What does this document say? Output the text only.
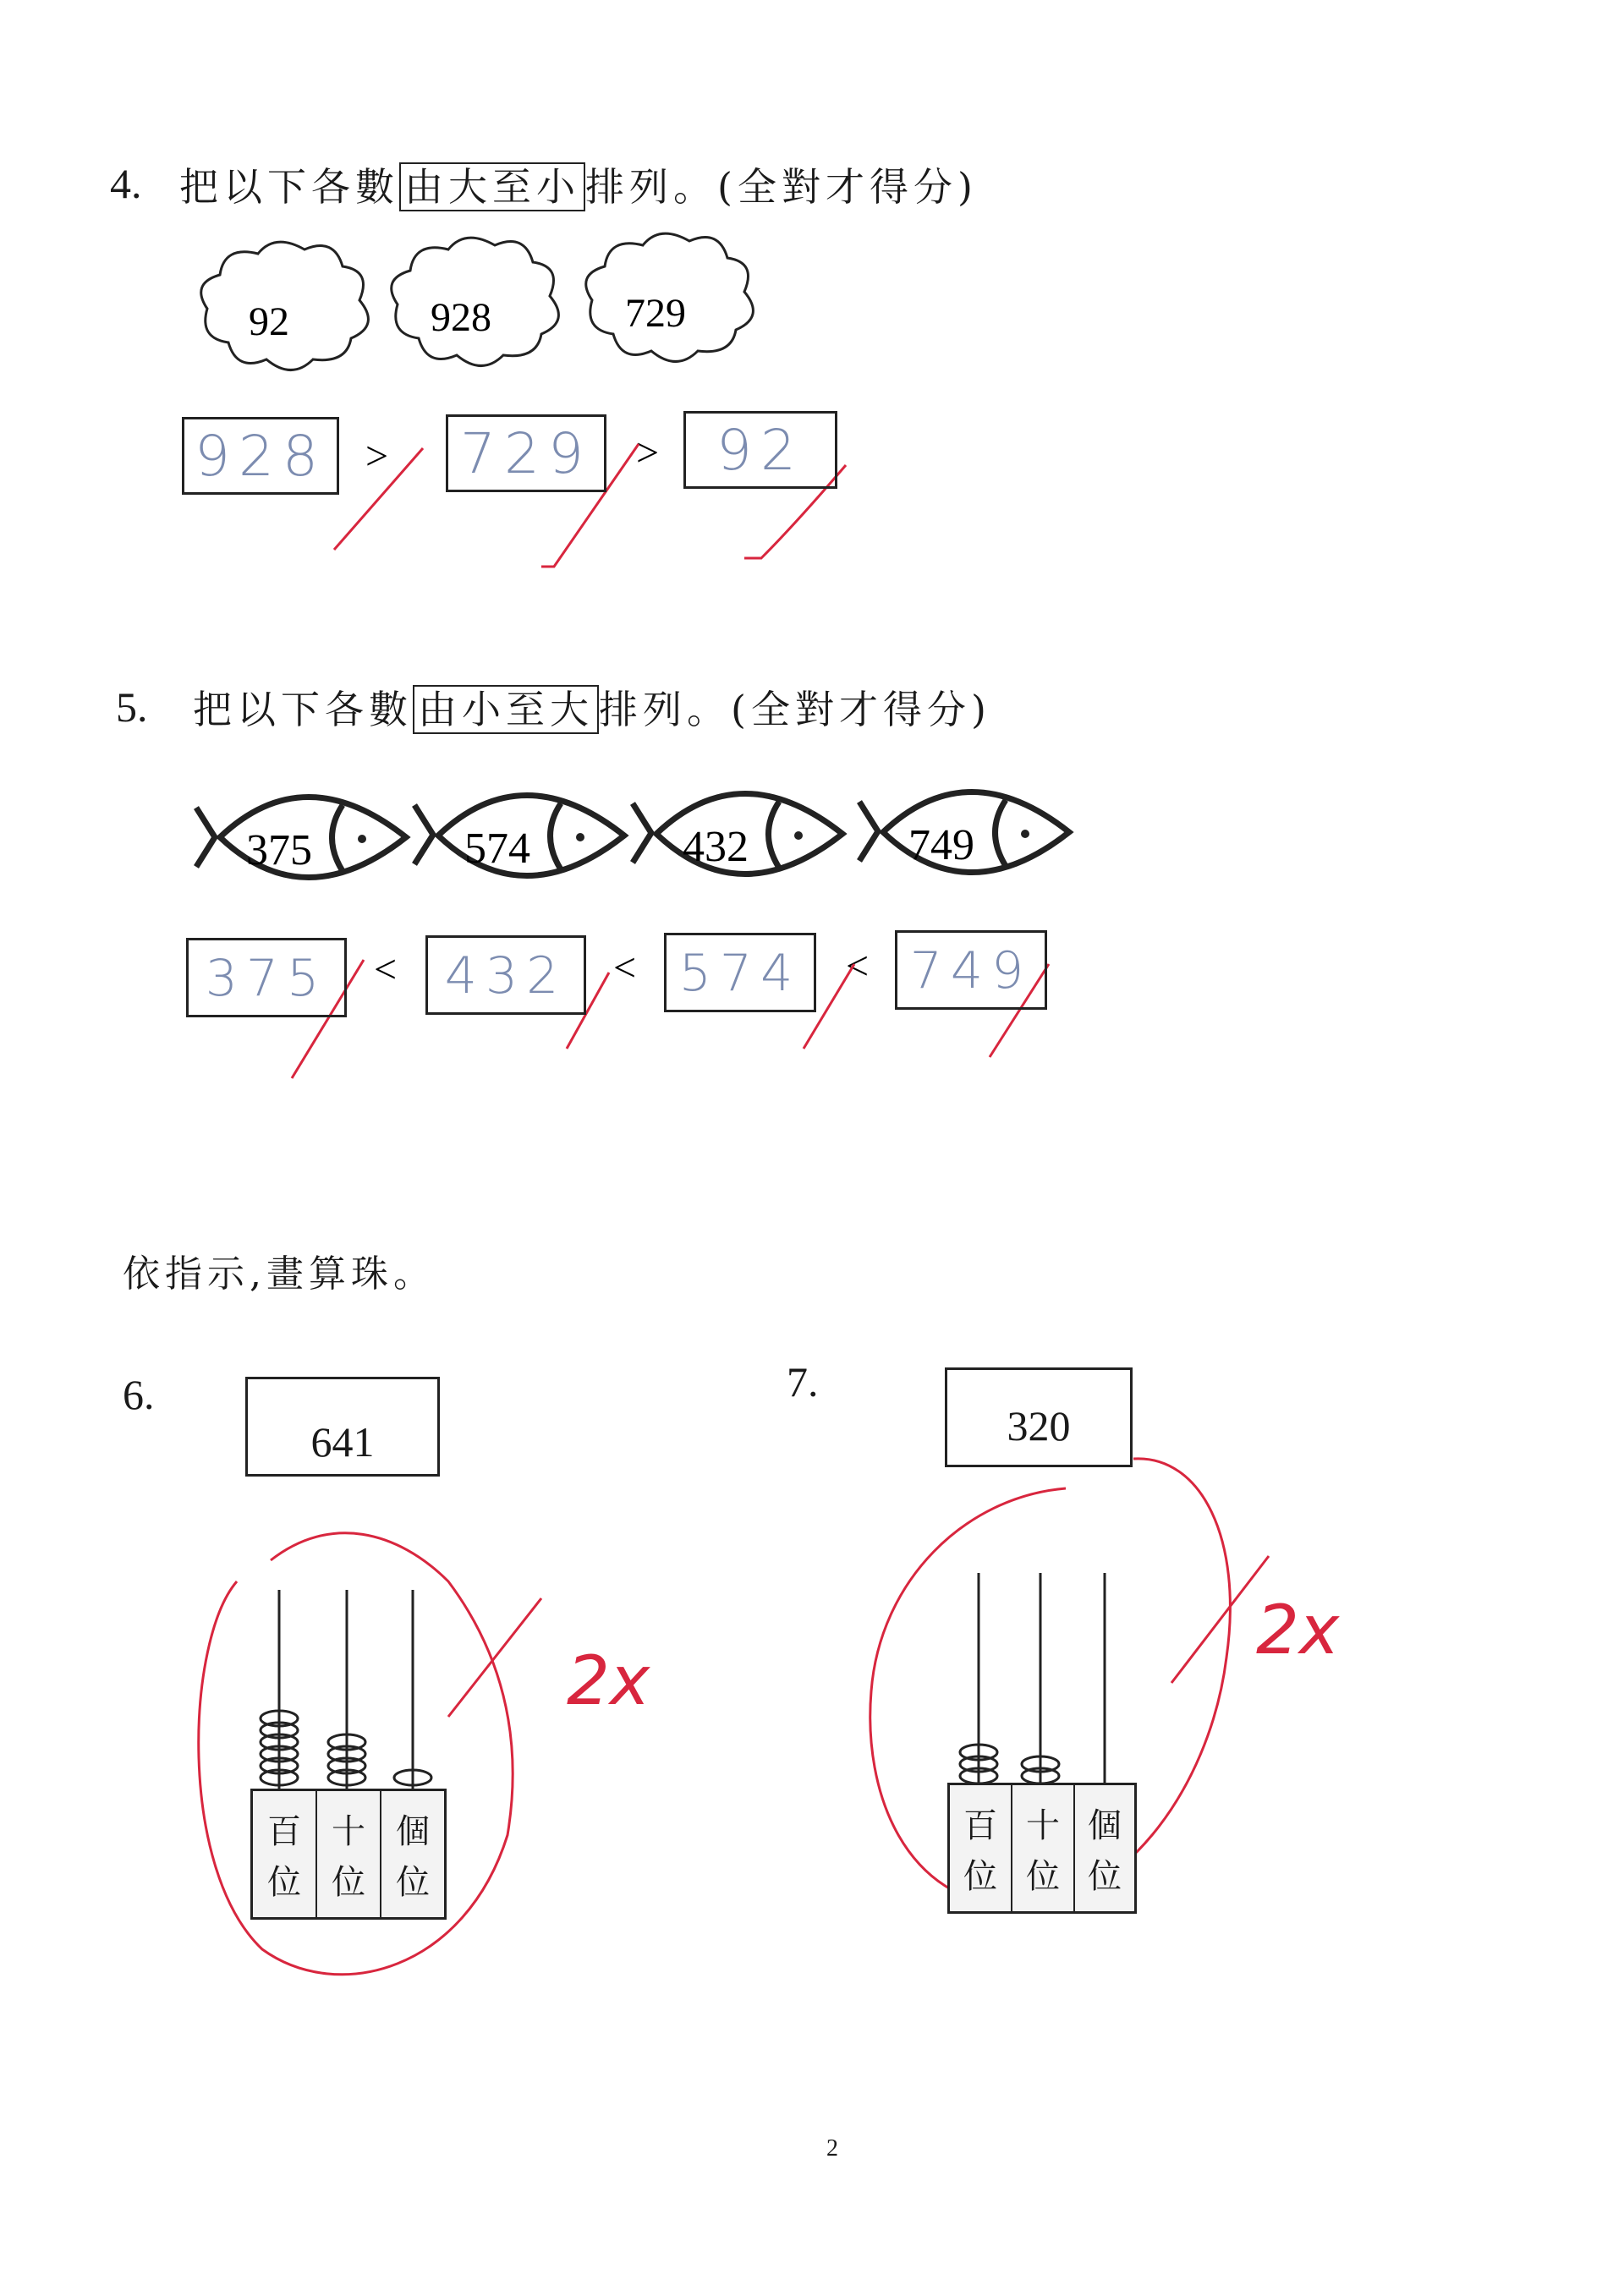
4. 把以下各數 由大至小 排列。(全對才得分)
92	928	729
>	>
928 729	92
5. 把以下各數 由小至大 排列。(全對才得分)
375	574	432	749
<	<	<
375	432	574 749
依指示,畫算珠。
6.
641
2x
百
位
十
位
個
位
7.
320
2x
百
位
十
位
個
位
2
